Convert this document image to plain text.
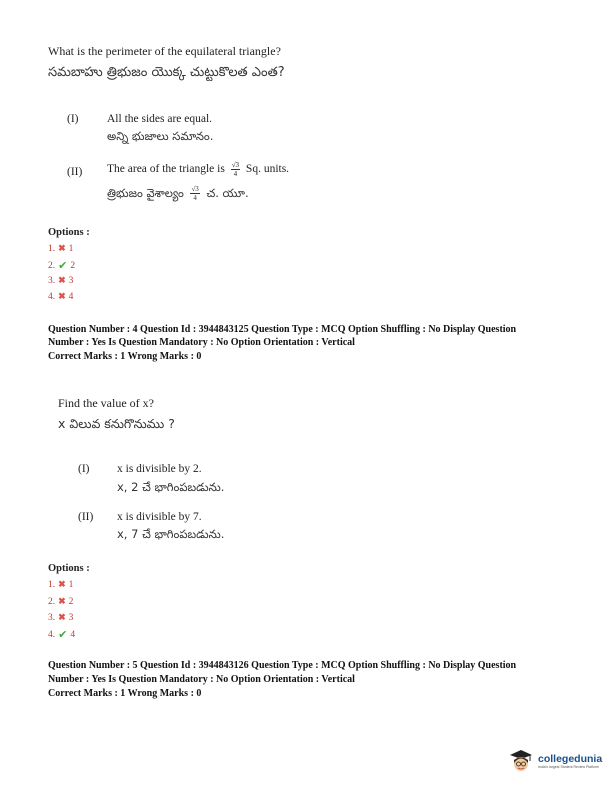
What is the perimeter of the equilateral triangle?
సమబాహు త్రిభుజం యొక్క చుట్టుకొలత ఎంత?
(I) All the sides are equal.
అన్ని భుజాలు సమానం.
(II) The area of the triangle is $\frac{√3}{4} Sq$. units.
త్రిభుజం వైశాల్యం $\frac{√3}{4}$ చ. యూ.
Options :
1. ✖ 1
2. ✔ 2
3. ✖ 3
4. ✖ 4
Question Number : 4 Question Id : 3944843125 Question Type : MCQ Option Shuffling : No Display Question
Number : Yes Is Question Mandatory : No Option Orientation : Vertical
Correct Marks : 1 Wrong Marks : 0
Find the value of x?
x విలువ కనుగొనుము ?
(I) x is divisible by 2.
x, 2 చే భాగింపబడును.
(II) x is divisible by 7.
x, 7 చే భాగింపబడును.
Options :
1. ✖ 1
2. ✖ 2
3. ✖ 3
4. ✔ 4
Question Number : 5 Question Id : 3944843126 Question Type : MCQ Option Shuffling : No Display Question
Number : Yes Is Question Mandatory : No Option Orientation : Vertical
Correct Marks : 1 Wrong Marks : 0
collegedunia
India's largest Student Review Platform
